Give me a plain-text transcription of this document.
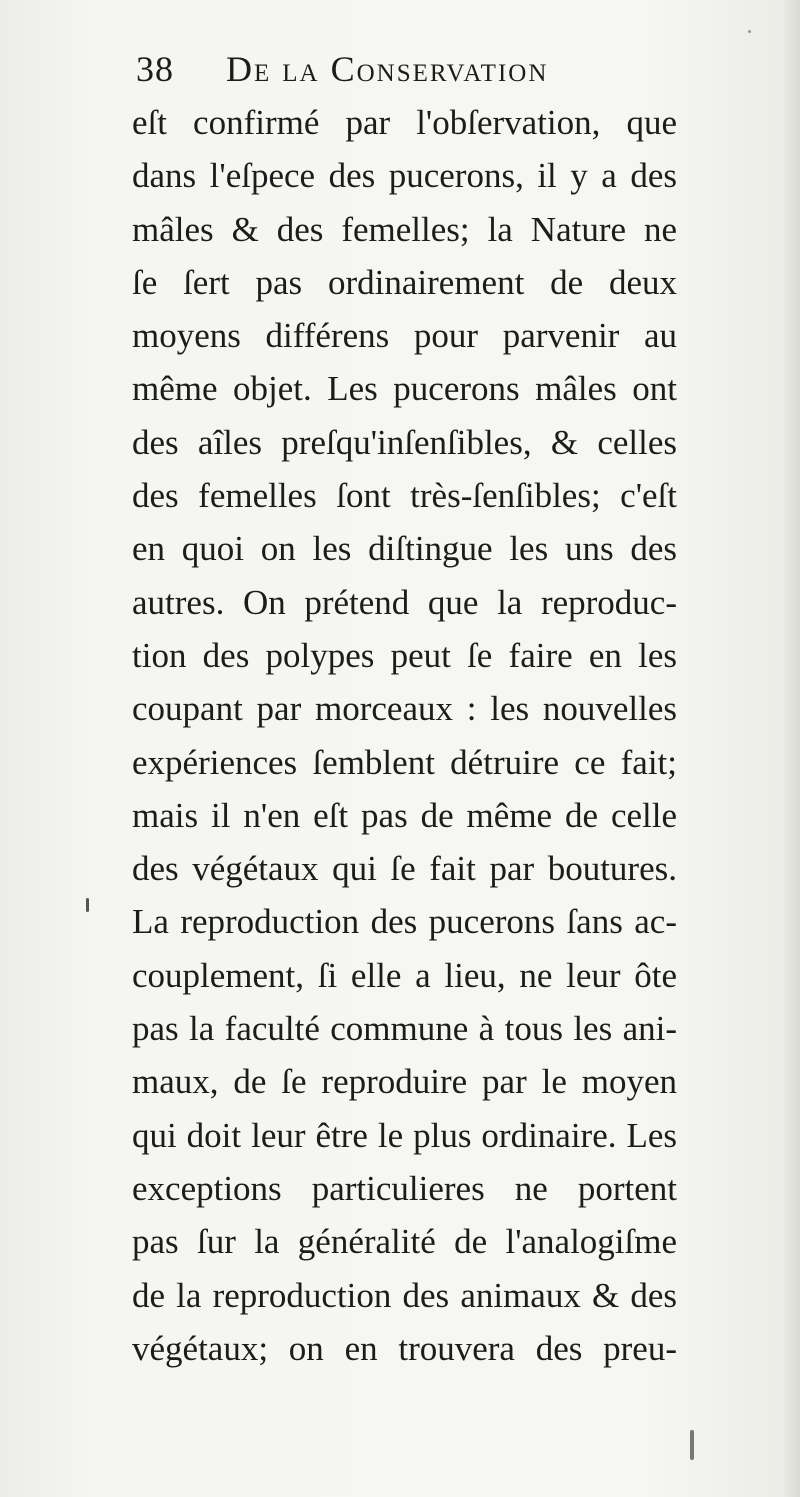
38 De la Conservation
eſt confirmé par l'obſervation, que
dans l'eſpece des pucerons, il y a des
mâles & des femelles; la Nature ne
ſe ſert pas ordinairement de deux
moyens différens pour parvenir au
même objet. Les pucerons mâles ont
des aîles preſqu'inſenſibles, & celles
des femelles ſont très-ſenſibles; c'eſt
en quoi on les diſtingue les uns des
autres. On prétend que la reproduc-
tion des polypes peut ſe faire en les
coupant par morceaux : les nouvelles
expériences ſemblent détruire ce fait;
mais il n'en eſt pas de même de celle
des végétaux qui ſe fait par boutures.
La reproduction des pucerons ſans ac-
couplement, ſi elle a lieu, ne leur ôte
pas la faculté commune à tous les ani-
maux, de ſe reproduire par le moyen
qui doit leur être le plus ordinaire. Les
exceptions particulieres ne portent
pas ſur la généralité de l'analogiſme
de la reproduction des animaux & des
végétaux; on en trouvera des preu-
